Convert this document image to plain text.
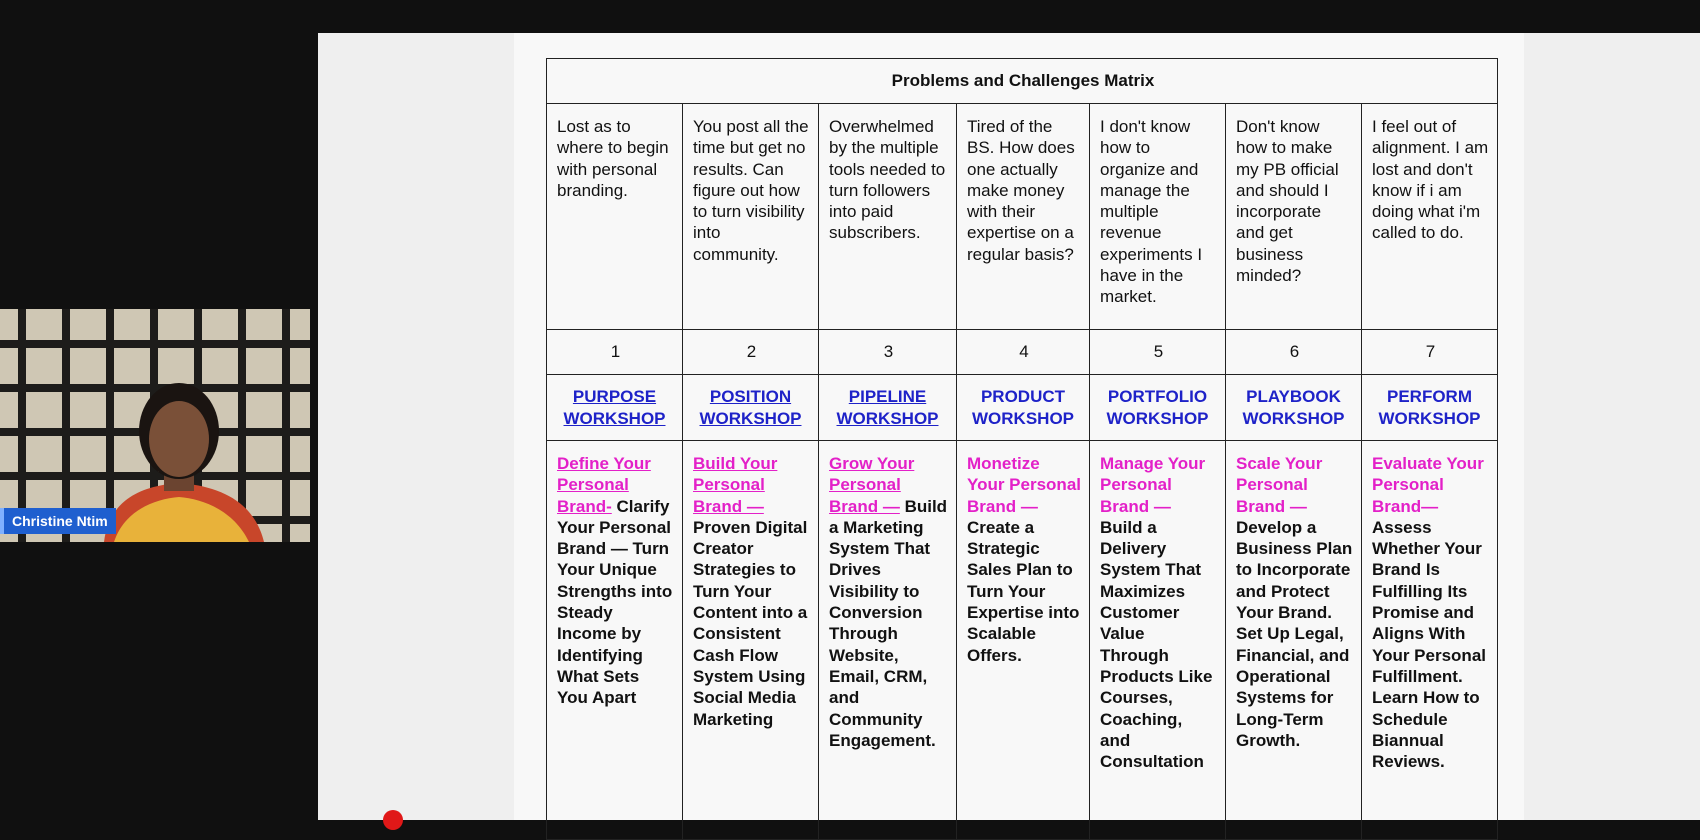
Problems and Challenges Matrix						
Lost as to where to begin with personal branding.	You post all the time but get no results. Can figure out how to turn visibility into community.	Overwhelmed by the multiple tools needed to turn followers into paid subscribers.	Tired of the BS. How does one actually make money with their expertise on a regular basis?	I don't know how to organize and manage the multiple revenue experiments I have in the market.	Don't know how to make my PB official and should I incorporate and get business minded?	I feel out of alignment. I am lost and don't know if i am doing what i'm called to do.
1	2	3	4	5	6	7
PURPOSE WORKSHOP	POSITION WORKSHOP	PIPELINE WORKSHOP	PRODUCT WORKSHOP	PORTFOLIO WORKSHOP	PLAYBOOK WORKSHOP	PERFORM WORKSHOP
Define Your Personal Brand- Clarify Your Personal Brand — Turn Your Unique Strengths into Steady Income by Identifying What Sets You Apart	Build Your Personal Brand — Proven Digital Creator Strategies to Turn Your Content into a Consistent Cash Flow System Using Social Media Marketing	Grow Your Personal Brand — Build a Marketing System That Drives Visibility to Conversion Through Website, Email, CRM, and Community Engagement.	Monetize Your Personal Brand — Create a Strategic Sales Plan to Turn Your Expertise into Scalable Offers.	Manage Your Personal Brand — Build a Delivery System That Maximizes Customer Value Through Products Like Courses, Coaching, and Consultation	Scale Your Personal Brand — Develop a Business Plan to Incorporate and Protect Your Brand. Set Up Legal, Financial, and Operational Systems for Long-Term Growth.	Evaluate Your Personal Brand— Assess Whether Your Brand Is Fulfilling Its Promise and Aligns With Your Personal Fulfillment. Learn How to Schedule Biannual Reviews.
Christine Ntim
